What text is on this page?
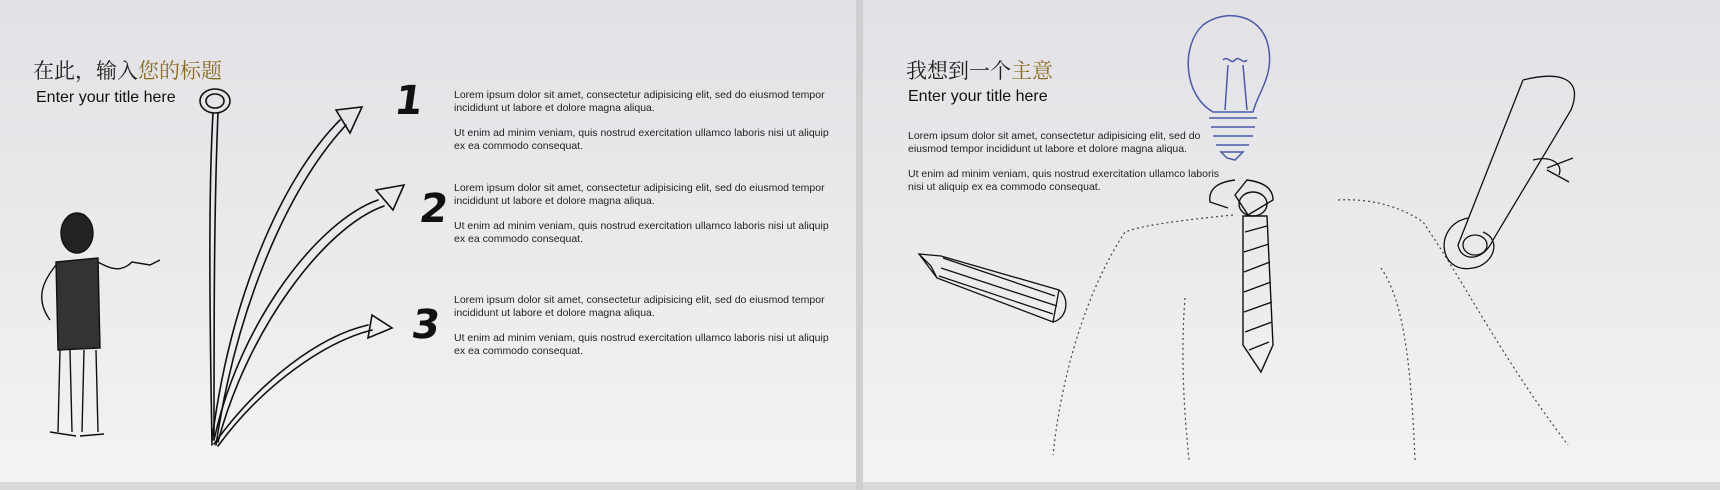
在此，输入您的标题
Enter your title here	1
2
3
Lorem ipsum dolor sit amet, consectetur adipisicing elit, sed do eiusmod tempor incididunt ut labore et dolore magna aliqua.
Ut enim ad minim veniam, quis nostrud exercitation ullamco laboris nisi ut aliquip ex ea commodo consequat.
Lorem ipsum dolor sit amet, consectetur adipisicing elit, sed do eiusmod tempor incididunt ut labore et dolore magna aliqua.
Ut enim ad minim veniam, quis nostrud exercitation ullamco laboris nisi ut aliquip ex ea commodo consequat.
Lorem ipsum dolor sit amet, consectetur adipisicing elit, sed do eiusmod tempor incididunt ut labore et dolore magna aliqua.
Ut enim ad minim veniam, quis nostrud exercitation ullamco laboris nisi ut aliquip ex ea commodo consequat.
我想到一个主意
Enter your title here
Lorem ipsum dolor sit amet, consectetur adipisicing elit, sed do eiusmod tempor incididunt ut labore et dolore magna aliqua.
Ut enim ad minim veniam, quis nostrud exercitation ullamco laboris nisi ut aliquip ex ea commodo consequat.
